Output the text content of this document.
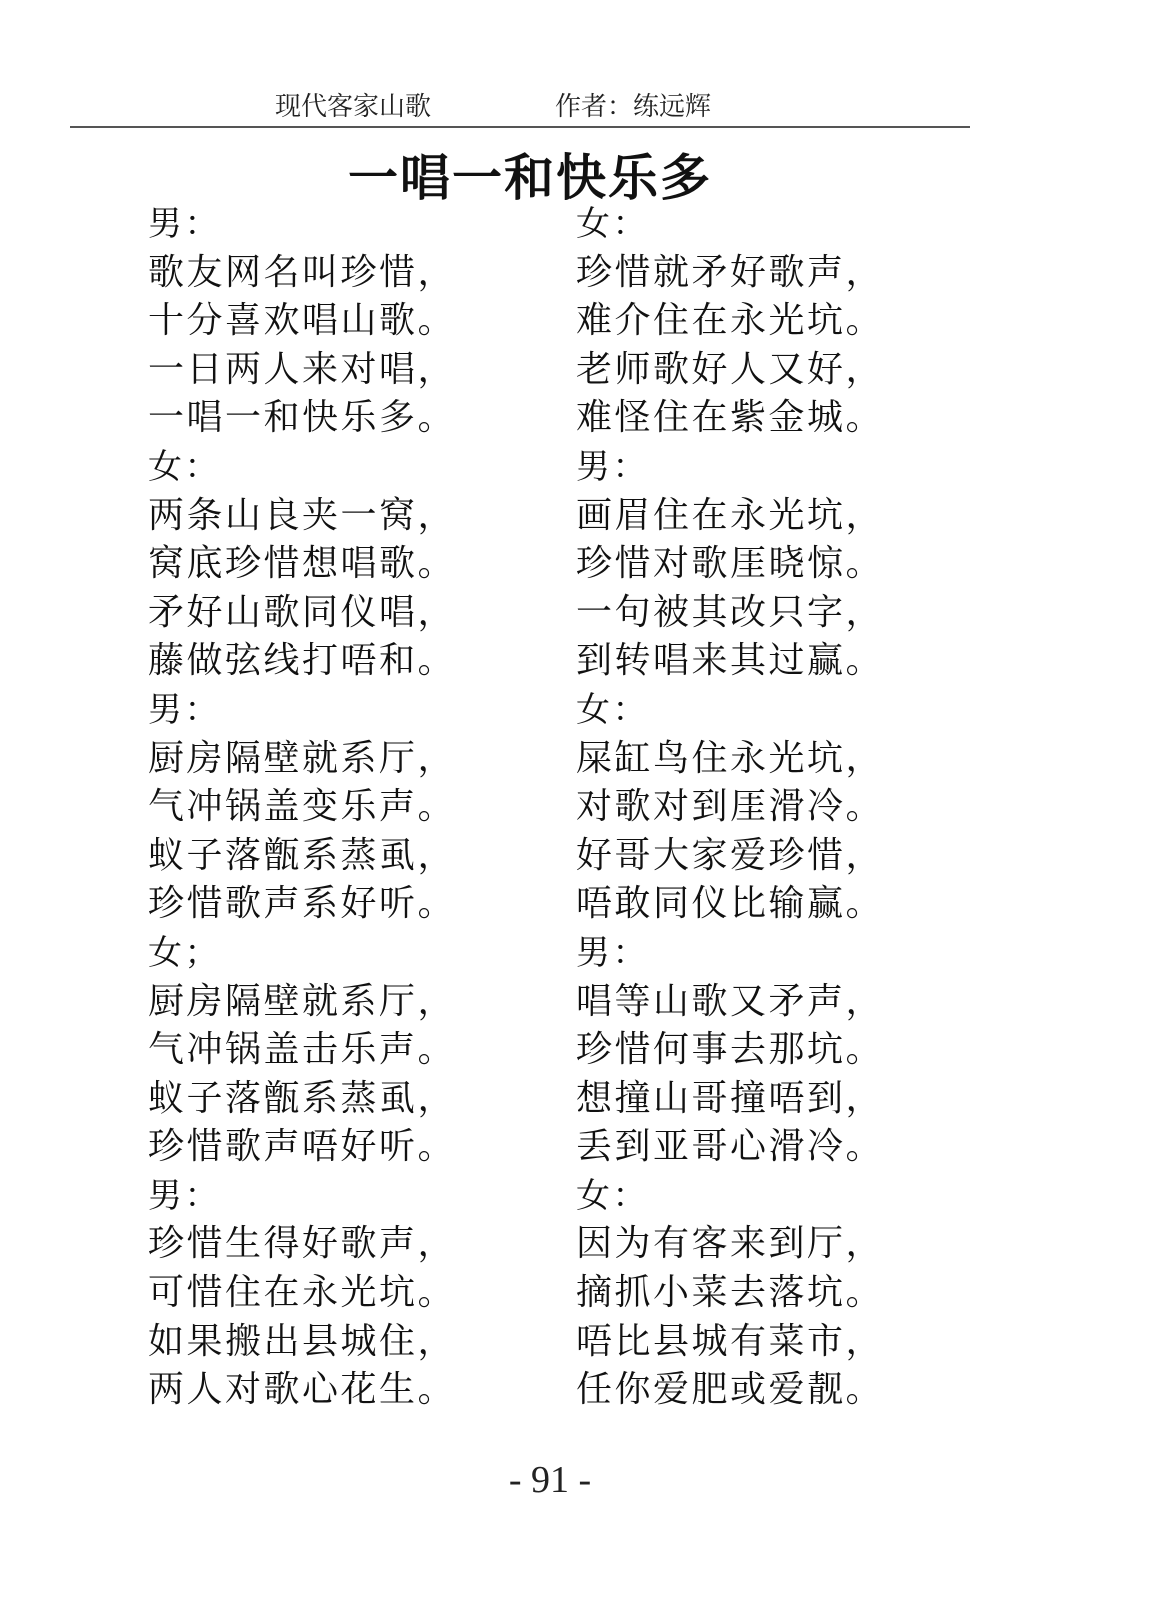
现代客家山歌	作者：练远辉
一唱一和快乐多
男：
歌友网名叫珍惜，
十分喜欢唱山歌。
一日两人来对唱，
一唱一和快乐多。
女：
两条山良夹一窝，
窝底珍惜想唱歌。
矛好山歌同仪唱，
藤做弦线打唔和。
男：
厨房隔壁就系厅，
气冲锅盖变乐声。
蚁子落甑系蒸虱，
珍惜歌声系好听。
女；
厨房隔壁就系厅，
气冲锅盖击乐声。
蚁子落甑系蒸虱，
珍惜歌声唔好听。
男：
珍惜生得好歌声，
可惜住在永光坑。
如果搬出县城住，
两人对歌心花生。
女：
珍惜就矛好歌声，
难介住在永光坑。
老师歌好人又好，
难怪住在紫金城。
男：
画眉住在永光坑，
珍惜对歌厓晓惊。
一句被其改只字，
到转唱来其过赢。
女：
屎缸鸟住永光坑，
对歌对到厓滑冷。
好哥大家爱珍惜，
唔敢同仪比输赢。
男：
唱等山歌又矛声，
珍惜何事去那坑。
想撞山哥撞唔到，
丢到亚哥心滑冷。
女：
因为有客来到厅，
摘抓小菜去落坑。
唔比县城有菜市，
任你爱肥或爱靓。
- 91 -
